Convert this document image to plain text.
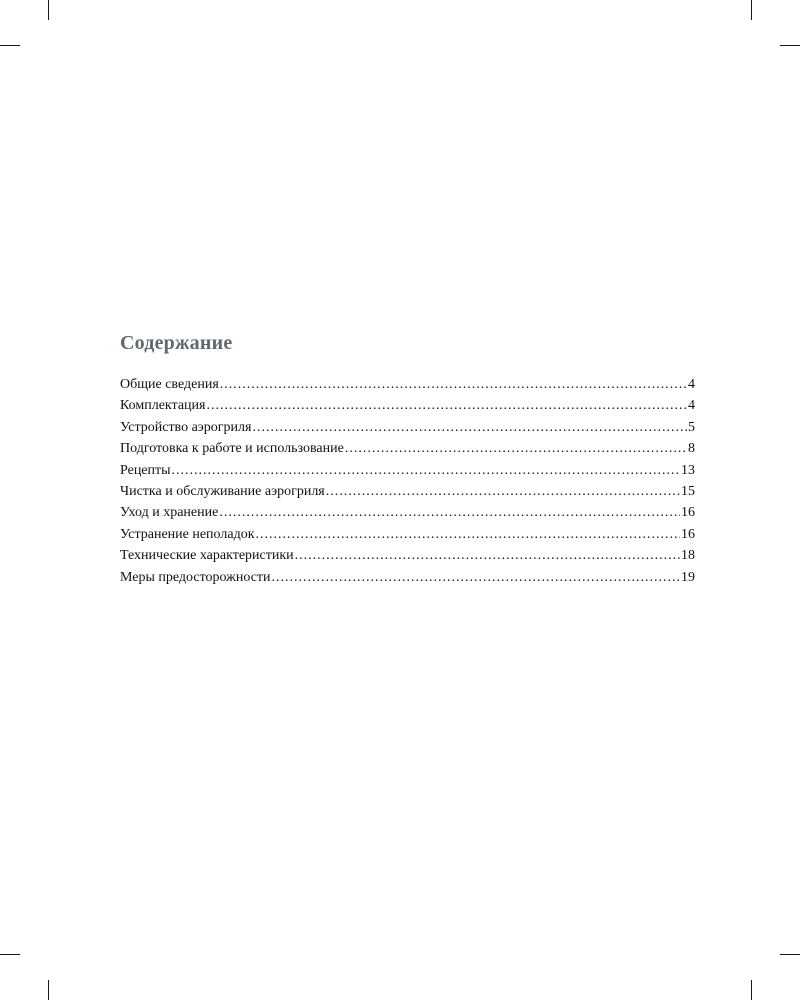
Содержание
Общие сведения .....	4
Комплектация .....	4
Устройство аэрогриля .....	5
Подготовка к работе и использование .....	8
Рецепты .....	13
Чистка и обслуживание аэрогриля .....	15
Уход и хранение .....	16
Устранение неполадок .....	16
Технические характеристики .....	18
Меры предосторожности .....	19
